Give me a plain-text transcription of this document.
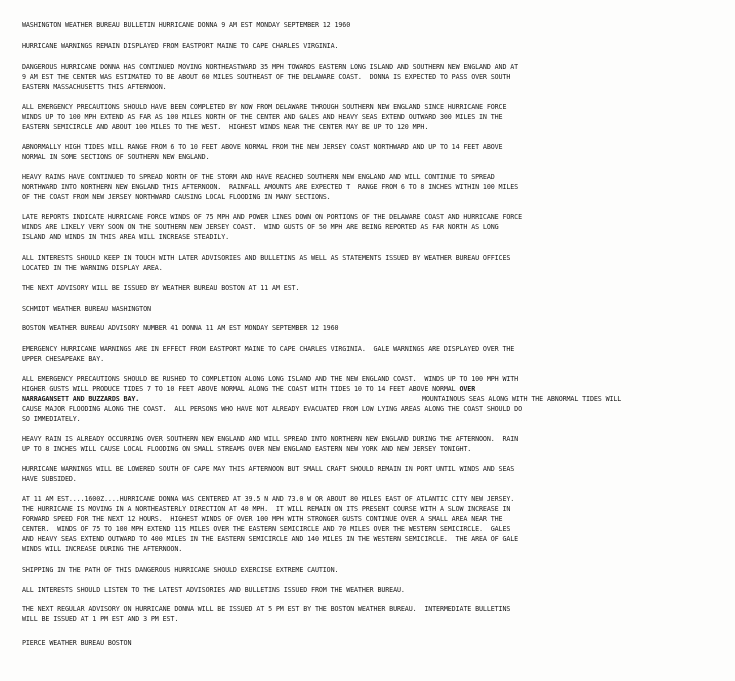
WASHINGTON WEATHER BUREAU BULLETIN HURRICANE DONNA 9 AM EST MONDAY SEPTEMBER 12 1960
HURRICANE WARNINGS REMAIN DISPLAYED FROM EASTPORT MAINE TO CAPE CHARLES VIRGINIA.
DANGEROUS HURRICANE DONNA HAS CONTINUED MOVING NORTHEASTWARD 35 MPH TOWARDS EASTERN LONG ISLAND AND SOUTHERN NEW ENGLAND AND AT
9 AM EST THE CENTER WAS ESTIMATED TO BE ABOUT 60 MILES SOUTHEAST OF THE DELAWARE COAST.  DONNA IS EXPECTED TO PASS OVER SOUTH
EASTERN MASSACHUSETTS THIS AFTERNOON.
ALL EMERGENCY PRECAUTIONS SHOULD HAVE BEEN COMPLETED BY NOW FROM DELAWARE THROUGH SOUTHERN NEW ENGLAND SINCE HURRICANE FORCE
WINDS UP TO 100 MPH EXTEND AS FAR AS 100 MILES NORTH OF THE CENTER AND GALES AND HEAVY SEAS EXTEND OUTWARD 300 MILES IN THE
EASTERN SEMICIRCLE AND ABOUT 100 MILES TO THE WEST.  HIGHEST WINDS NEAR THE CENTER MAY BE UP TO 120 MPH.
ABNORMALLY HIGH TIDES WILL RANGE FROM 6 TO 10 FEET ABOVE NORMAL FROM THE NEW JERSEY COAST NORTHWARD AND UP TO 14 FEET ABOVE
NORMAL IN SOME SECTIONS OF SOUTHERN NEW ENGLAND.
HEAVY RAINS HAVE CONTINUED TO SPREAD NORTH OF THE STORM AND HAVE REACHED SOUTHERN NEW ENGLAND AND WILL CONTINUE TO SPREAD
NORTHWARD INTO NORTHERN NEW ENGLAND THIS AFTERNOON.  RAINFALL AMOUNTS ARE EXPECTED T  RANGE FROM 6 TO 8 INCHES WITHIN 100 MILES
OF THE COAST FROM NEW JERSEY NORTHWARD CAUSING LOCAL FLOODING IN MANY SECTIONS.
LATE REPORTS INDICATE HURRICANE FORCE WINDS OF 75 MPH AND POWER LINES DOWN ON PORTIONS OF THE DELAWARE COAST AND HURRICANE FORCE
WINDS ARE LIKELY VERY SOON ON THE SOUTHERN NEW JERSEY COAST.  WIND GUSTS OF 50 MPH ARE BEING REPORTED AS FAR NORTH AS LONG
ISLAND AND WINDS IN THIS AREA WILL INCREASE STEADILY.
ALL INTERESTS SHOULD KEEP IN TOUCH WITH LATER ADVISORIES AND BULLETINS AS WELL AS STATEMENTS ISSUED BY WEATHER BUREAU OFFICES
LOCATED IN THE WARNING DISPLAY AREA.
THE NEXT ADVISORY WILL BE ISSUED BY WEATHER BUREAU BOSTON AT 11 AM EST.
SCHMIDT WEATHER BUREAU WASHINGTON
BOSTON WEATHER BUREAU ADVISORY NUMBER 41 DONNA 11 AM EST MONDAY SEPTEMBER 12 1960
EMERGENCY HURRICANE WARNINGS ARE IN EFFECT FROM EASTPORT MAINE TO CAPE CHARLES VIRGINIA.  GALE WARNINGS ARE DISPLAYED OVER THE
UPPER CHESAPEAKE BAY.
ALL EMERGENCY PRECAUTIONS SHOULD BE RUSHED TO COMPLETION ALONG LONG ISLAND AND THE NEW ENGLAND COAST.  WINDS UP TO 100 MPH WITH
HIGHER GUSTS WILL PRODUCE TIDES 7 TO 10 FEET ABOVE NORMAL ALONG THE COAST WITH TIDES 10 TO 14 FEET ABOVE NORMAL OVER
NARRAGANSETT AND BUZZARDS BAY.	MOUNTAINOUS SEAS ALONG WITH THE ABNORMAL TIDES WILL
CAUSE MAJOR FLOODING ALONG THE COAST.  ALL PERSONS WHO HAVE NOT ALREADY EVACUATED FROM LOW LYING AREAS ALONG THE COAST SHOULD DO
SO IMMEDIATELY.
HEAVY RAIN IS ALREADY OCCURRING OVER SOUTHERN NEW ENGLAND AND WILL SPREAD INTO NORTHERN NEW ENGLAND DURING THE AFTERNOON.  RAIN
UP TO 8 INCHES WILL CAUSE LOCAL FLOODING ON SMALL STREAMS OVER NEW ENGLAND EASTERN NEW YORK AND NEW JERSEY TONIGHT.
HURRICANE WARNINGS WILL BE LOWERED SOUTH OF CAPE MAY THIS AFTERNOON BUT SMALL CRAFT SHOULD REMAIN IN PORT UNTIL WINDS AND SEAS
HAVE SUBSIDED.
AT 11 AM EST....1600Z....HURRICANE DONNA WAS CENTERED AT 39.5 N AND 73.0 W OR ABOUT 80 MILES EAST OF ATLANTIC CITY NEW JERSEY.
THE HURRICANE IS MOVING IN A NORTHEASTERLY DIRECTION AT 40 MPH.  IT WILL REMAIN ON ITS PRESENT COURSE WITH A SLOW INCREASE IN
FORWARD SPEED FOR THE NEXT 12 HOURS.  HIGHEST WINDS OF OVER 100 MPH WITH STRONGER GUSTS CONTINUE OVER A SMALL AREA NEAR THE
CENTER.  WINDS OF 75 TO 100 MPH EXTEND 115 MILES OVER THE EASTERN SEMICIRCLE AND 70 MILES OVER THE WESTERN SEMICIRCLE.  GALES
AND HEAVY SEAS EXTEND OUTWARD TO 400 MILES IN THE EASTERN SEMICIRCLE AND 140 MILES IN THE WESTERN SEMICIRCLE.  THE AREA OF GALE
WINDS WILL INCREASE DURING THE AFTERNOON.
SHIPPING IN THE PATH OF THIS DANGEROUS HURRICANE SHOULD EXERCISE EXTREME CAUTION.
ALL INTERESTS SHOULD LISTEN TO THE LATEST ADVISORIES AND BULLETINS ISSUED FROM THE WEATHER BUREAU.
THE NEXT REGULAR ADVISORY ON HURRICANE DONNA WILL BE ISSUED AT 5 PM EST BY THE BOSTON WEATHER BUREAU.  INTERMEDIATE BULLETINS
WILL BE ISSUED AT 1 PM EST AND 3 PM EST.
PIERCE WEATHER BUREAU BOSTON
